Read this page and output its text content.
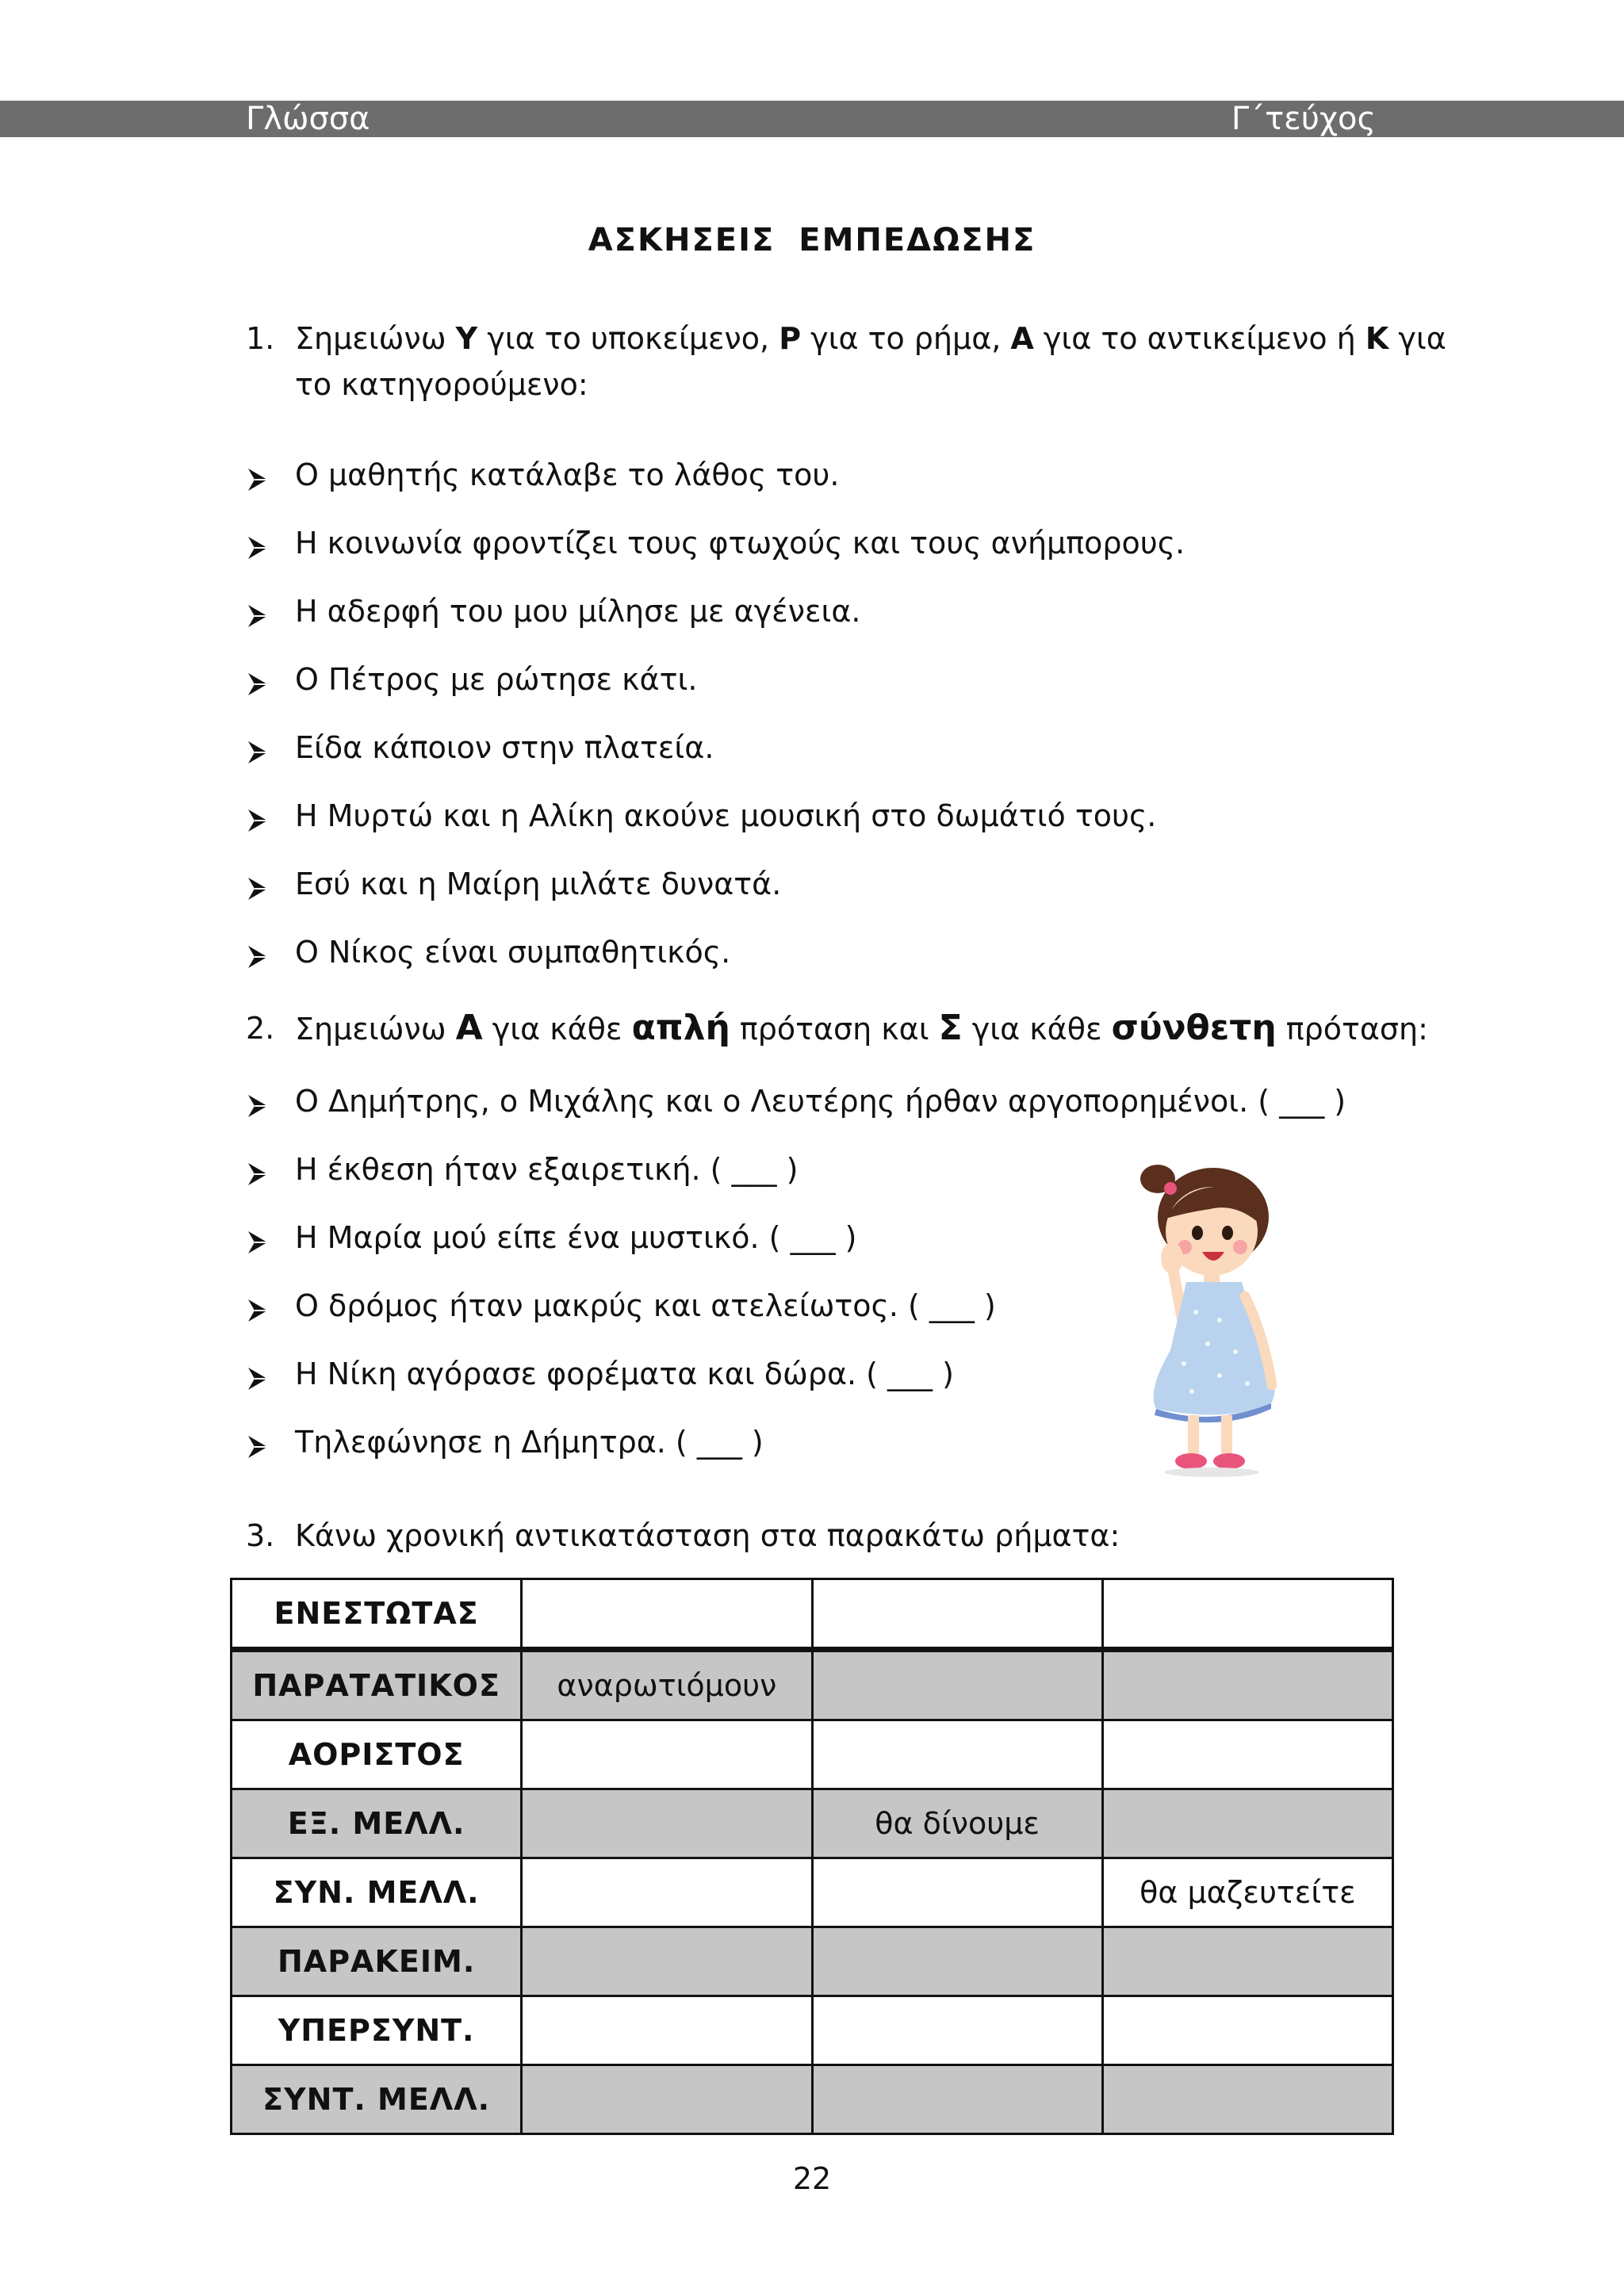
Γλώσσα	Γ΄τεύχος
ΑΣΚΗΣΕΙΣ ΕΜΠΕΔΩΣΗΣ
1. Σημειώνω Υ για το υποκείμενο, Ρ για το ρήμα, Α για το αντικείμενο ή Κ για
το κατηγορούμενο:
Ο μαθητής κατάλαβε το λάθος του.
Η κοινωνία φροντίζει τους φτωχούς και τους ανήμπορους.
Η αδερφή του μου μίλησε με αγένεια.
Ο Πέτρος με ρώτησε κάτι.
Είδα κάποιον στην πλατεία.
Η Μυρτώ και η Αλίκη ακούνε μουσική στο δωμάτιό τους.
Εσύ και η Μαίρη μιλάτε δυνατά.
Ο Νίκος είναι συμπαθητικός.
2. Σημειώνω Α για κάθε απλή πρόταση και Σ για κάθε σύνθετη πρόταση:
Ο Δημήτρης, ο Μιχάλης και ο Λευτέρης ήρθαν αργοπορημένοι. ( ___ )
Η έκθεση ήταν εξαιρετική. ( ___ )
Η Μαρία μού είπε ένα μυστικό. ( ___ )
Ο δρόμος ήταν μακρύς και ατελείωτος. ( ___ )
Η Νίκη αγόρασε φορέματα και δώρα. ( ___ )
Τηλεφώνησε η Δήμητρα. ( ___ )
3. Κάνω χρονική αντικατάσταση στα παρακάτω ρήματα:
ΕΝΕΣΤΩΤΑΣ			
ΠΑΡΑΤΑΤΙΚΟΣ	αναρωτιόμουν		
ΑΟΡΙΣΤΟΣ			
ΕΞ. ΜΕΛΛ.		θα δίνουμε	
ΣΥΝ. ΜΕΛΛ.			θα μαζευτείτε
ΠΑΡΑΚΕΙΜ.			
ΥΠΕΡΣΥΝΤ.			
ΣΥΝΤ. ΜΕΛΛ.			
22
